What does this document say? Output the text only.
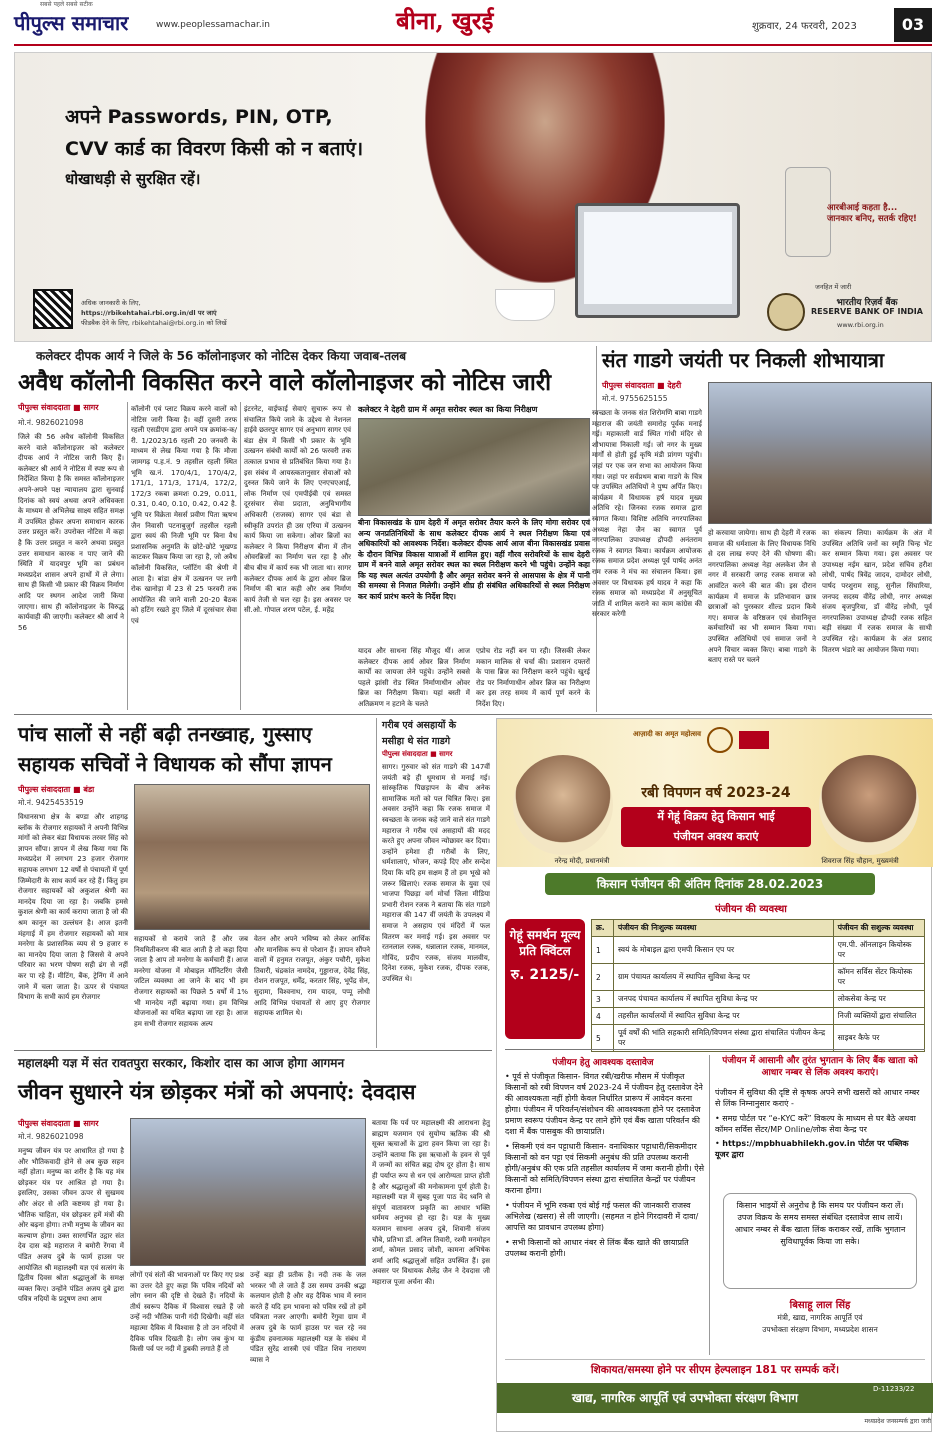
सबसे पहले सबसे सटीक
पीपुल्स समाचार	www.peoplessamachar.in	बीना, खुरई	शुक्रवार, 24 फरवरी, 2023	03
अपने Passwords, PIN, OTP,
CVV कार्ड का विवरण किसी को न बताएं।
धोखाधड़ी से सुरक्षित रहें।
आरबीआई कहता है... जानकार बनिए, सतर्क रहिए!
अधिक जानकारी के लिए,
https://rbikehtahai.rbi.org.in/dl पर जाएं
फीडबैक देने के लिए, rbikehtahai@rbi.org.in को लिखें
जनहित में जारी
भारतीय रिज़र्व बैंक
RESERVE BANK OF INDIA
www.rbi.org.in
कलेक्टर दीपक आर्य ने जिले के 56 कॉलोनाइजर को नोटिस देकर किया जवाब-तलब
अवैध कॉलोनी विकसित करने वाले कॉलोनाइजर को नोटिस जारी
पीपुल्स संवाददाता ■ सागर
मो.नं. 9826021098
जिले की 56 अवैध कॉलोनी विकसित करने वाले कॉलोनाइजर को कलेक्टर दीपक आर्य ने नोटिस जारी किए हैं। कलेक्टर श्री आर्य ने नोटिस में स्पष्ट रूप से निर्देशित किया है कि समस्त कॉलोनाइजर अपने-अपने पक्ष न्यायालय द्वारा सुनवाई दिनांक को स्वयं अथवा अपने अधिवक्ता के माध्यम से अभिलेख साक्ष्य सहित समक्ष में उपस्थित होकर अपना समाधान कारक उत्तर प्रस्तुत करें। उपरोक्त नोटिस में कहा है कि उत्तर प्रस्तुत न करने अथवा प्रस्तुत उत्तर समाधान कारक न पाए जाने की स्थिति में यादवपुर भूमि का प्रबंधन मध्यप्रदेश शासन अपने हाथों में ले लेगा। साथ ही किसी भी प्रकार की विक्रय निर्माण आदि पर स्थगन आदेश जारी किया जाएगा। साथ ही कॉलोनाइजर के विरुद्ध कार्यवाही की जाएगी। कलेक्टर श्री आर्य ने 56
कॉलोनी एवं प्लाट विक्रय करने वालों को नोटिस जारी किया है। वहीं दूसरी तरफ रहली एसडीएम द्वारा अपने पत्र क्रमांक-क/ री. 1/2023/16 रहली 20 जनवरी के माध्यम से लेख किया गया है कि मौजा जामगढ़ प.ह.नं. 9 तहसील रहली स्थित भूमि ख.नं. 170/4/1, 170/4/2, 171/1, 171/3, 171/4, 172/2, 172/3 रकबा क्रमशः 0.29, 0.011, 0.31, 0.40, 0.10, 0.42, 0.42 है. भूमि पर विक्रेता मेसर्स प्रवीण पिता ऋषभ जैन निवासी पटनाबुजुर्ग तहसील रहली द्वारा स्वयं की निजी भूमि पर बिना वैध प्रशासनिक अनुमति के छोटे-छोटे भूखण्ड काटकर विक्रय किया जा रहा है, जो अवैध कॉलोनी विकसित, प्लॉटिंग की श्रेणी में आता है। बांडा क्षेत्र में उत्खनन पर लगी रोक खानोड़ा में 23 से 25 फरवरी तक आयोजित की जाने वाली 20-20 बैठक को हटिंग रखते हुए जिले में दूरसंचार सेवा एवं
इंटरनेट, वाईफाई सेवाएं सुचारू रूप से संचालित किये जाने के उद्देश्य से नेशनल हाईवे छतरपुर सागर एवं अनुभाग सागर एवं बंडा क्षेत्र में किसी भी प्रकार के भूमि उत्खनन संबंधी कार्यों को 26 फरवरी तक तत्काल प्रभाव से प्रतिबंधित किया गया है। इस संबंध में आयस्त्कतानुसार सेवाओं को दुरुस्त किये जाने के लिए एनएचएआई, लोक निर्माण एवं एमपीईबी एवं समस्त दूरसंचार सेवा प्रदाता, अनुविभागीय अधिकारी (राजस्व) सागर एवं बंडा से स्वीकृति उपरांत ही उस एरिया में उत्खनन कार्य किया जा सकेगा। ओवर ब्रिजों का कलेक्टर ने किया निरीक्षण बीना में तीन ओवरब्रिजों का निर्माण चल रहा है और बीच बीच में कार्य रुक भी जाता था। सागर कलेक्टर दीपक आर्य के द्वारा ओवर ब्रिज निर्माण की बात कही और अब निर्माण कार्य तेजी से चल रहा है। इस अवसर पर सी.ओ. गोपाल शरण पटेल, ई. महेंद्र
कलेक्टर ने देहरी ग्राम में अमृत सरोवर स्थल का किया निरीक्षण
बीना विकासखंड के ग्राम देहरी में अमृत सरोवर तैयार करने के लिए मोगा सरोवर एवं अन्य जनप्रतिनिधियों के साथ कलेक्टर दीपक आर्य ने स्थल निरीक्षण किया एवं अधिकारियों को आवश्यक निर्देश। कलेक्टर दीपक आर्य आज बीना विकासखंड प्रवास के दौरान विभिन्न विकास यात्राओं में शामिल हुए। वहीं गौरव सरोवरियों के साथ देहरी ग्राम में बनने वाले अमृत सरोवर स्थल का स्थल निरीक्षण करने भी पहुंचे। उन्होंने कहा कि यह स्थल अत्यंत उपयोगी है और अमृत सरोवर बनने से आसपास के क्षेत्र में पानी की समस्या से निजात मिलेगी। उन्होंने शीघ्र ही संबंधित अधिकारियों से स्थल निरीक्षण कर कार्य प्रारंभ करने के निर्देश दिए।
यादव और साधना सिंह मौजूद थीं। आज कलेक्टर दीपक आर्य ओवर ब्रिज निर्माण कार्यों का जायजा लेने पहुंचे। उन्होंने सबसे पहले झांसी रोड स्थित निर्माणाधीन ओवर ब्रिज का निरीक्षण किया। यहां बस्ती में अतिक्रमण न हटाने के चलते
एप्रोच रोड नहीं बन पा रही। जिसकी लेकर मकान मालिक से चर्चा की। प्रशासन दफ्तरों के पास ब्रिज का निरीक्षण करने पहुंचे। खुरई रोड पर निर्माणाधीन ओवर ब्रिज का निरीक्षण कर इस तरह समय में कार्य पूर्ण करने के निर्देश दिए।
संत गाडगे जयंती पर निकली शोभायात्रा
पीपुल्स संवाददाता ■ देहरी
मो.नं. 9755625155
स्वच्छता के जनक संत शिरोमणि बाबा गाडगे महाराज की जयंती समारोह पूर्वक मनाई गई। महाकाली वार्ड स्थित गांधी मंदिर से शोभायात्रा निकाली गई। जो नगर के मुख्य मार्गों से होती हुई कृषि मंडी प्रांगण पहुंची। जहां पर एक जन सभा का आयोजन किया गया। जहां पर सर्वप्रथम बाबा गाडगे के चित्र पर उपस्थित अतिथियों ने पुष्प अर्पित किए। कार्यक्रम में विधायक हर्ष यादव मुख्य अतिथि रहे। जिनका रजक समाज द्वारा स्वागत किया। विशिष्ट अतिथि नगरपालिका अध्यक्ष नेहा जैन का स्वागत पूर्व नगरपालिका उपाध्यक्ष द्रौपदी अनंतराम रजक ने स्वागत किया। कार्यक्रम आयोजक रजक समाज प्रदेश अध्यक्ष पूर्व पार्षद अनंत राम रजक ने मंच का संचालन किया। इस अवसर पर विधायक हर्ष यादव ने कहा कि रजक समाज को मध्यप्रदेश में अनुसूचित जाति में शामिल कराने का काम कांग्रेस की सरकार करेगी
हो करवाया जायेगा। साथ ही देहरी में रजक समाज की धर्मशाला के लिए विधायक निधि से दस लाख रुपए देने की घोषणा की। नगरपालिका अध्यक्ष नेहा अलकेश जैन से नगर में सरकारी जगह रजक समाज को आवंटित करने की बात की। इस दौरान कार्यक्रम में समाज के प्रतिभावान छात्र छात्राओं को पुरस्कार शील्ड प्रदान किये गए। समाज के वरिष्ठजन एवं सेवानिवृत्त कर्मचारियों का भी सम्मान किया गया। उपस्थित अतिथियों एवं समाज जनों ने अपने विचार व्यक्त किए। बाबा गाडगे के बताए रास्ते पर चलने
का संकल्प लिया। कार्यक्रम के अंत में उपस्थित अतिथि जनों का स्मृति चिन्ह भेंट कर सम्मान किया गया। इस अवसर पर उपाध्यक्ष नईम खान, प्रदेश सचिव हरीश लोधी, पार्षद त्रिवेंद्र जादव, दामोदर लोधी, पार्षद परशुराम साहू, सुनील सिंघारिया, जनपद सदस्य वीरेंद्र लोधी, नगर अध्यक्ष संजय बृजपुरिया, डॉ वीरेंद्र लोधी, पूर्व नगरपालिका उपाध्यक्ष द्रौपदी रजक सहित बड़ी संख्या में रजक समाज के साथी उपस्थित रहे। कार्यक्रम के अंत प्रसाद वितरण भंडारे का आयोजन किया गया।
पांच सालों से नहीं बढ़ी तनख्वाह, गुस्साए
सहायक सचिवों ने विधायक को सौंपा ज्ञापन
पीपुल्स संवाददाता ■ बंडा
मो.नं. 9425453519
विधानसभा क्षेत्र के बण्डा और शाहगढ़ ब्लॉक के रोजगार सहायकों ने अपनी विभिन्न मांगों को लेकर बंडा विधायक तरवर सिंह को ज्ञापन सौंपा। ज्ञापन में लेख किया गया कि मध्यप्रदेश में लगभग 23 हजार रोजगार सहायक लगभग 12 वर्षों से पंचायतों में पूर्ण जिम्मेदारी के साथ कार्य कर रहे हैं। किंतु हम रोजगार सहायकों को अकुशल श्रेणी का मानदेय दिया जा रहा है। जबकि हमसे कुशल श्रेणी का कार्य कराया जाता है जो की श्रम कानून का उल्लंघन है। आज इतनी मंहगाई में हम रोजगार सहायकों को मात्र मनरेगा के प्रशासनिक व्यय से 9 हजार रु का मानदेय दिया जाता है जिससे वे अपने परिवार का भरण पोषण सही ढंग से नहीं कर पा रहे हैं। मीटिंग, बैंक, ट्रेनिंग में आने जाने में चला जाता है। ऊपर से पंचायत विभाग के सभी कार्य हम रोजगार
सहायकों से कराये जाते हैं और जब नियमितीकरण की बात आती है तो कहा दिया जाता है आप तो मनरेगा के कर्मचारी हैं। आज मनरेगा योजना में मोबाइल मॉनिटरिंग जैसी जटिल व्यवस्था आ जाने के बाद भी हम रोजगार सहायकों का पिछले 5 वर्षों में 1% भी मानदेय नहीं बढ़ाया गया। हम विभिन्न योजनाओं का यथित बढ़ाया जा रहा है। आज हम सभी रोजगार सहायक अल्प
वेतन और अपने भविष्य को लेकर आर्थिक और मानसिक रूप से परेशान हैं। ज्ञापन सौंपने वालों में हनुमत राजपूत, अंकुर पचौरी, मुकेश तिवारी, चंद्रकांत नामदेव, गुड्डाराज, देवेंद्र सिंह, रोशन राजपूत, धर्मेंद्र, करतार सिंह, भूपेंद्र सेन, सुदामा, विश्वनाथ, राम यादव, पप्पू लोधी आदि विभिन्न पंचायतों से आए हुए रोजगार सहायक शामिल थे।
गरीब एवं असहायों के
मसीहा थे संत गाडगे
पीपुल्स संवाददाता ■ सागर
सागर। गुरुवार को संत गाडगे की 147वीं जयंती बड़े ही धूमधाम से मनाई गई। सांस्कृतिक पिछड़ापन के बीच अनेक सामाजिक मतों को पल चित्रित किए। इस अवसर उन्होंने कहा कि रजक समाज में स्वच्छता के जनक कहे जाने वाले संत गाडगे महाराज ने गरीब एवं असहायों की मदद करते हुए अपना जीवन न्योछावर कर दिया। उन्होंने हमेशा ही गरीबों के लिए, धर्मशालाएं, भोजन, कपड़े दिए और सन्देश दिया कि यदि हम सक्षम हैं तो हम भूखे को जरूर खिलाएं। रजक समाज के युवा एवं भाजपा पिछड़ा वर्ग मोर्चा जिला मीडिया प्रभारी रोशन रजक ने बताया कि संत गाडगे महाराज की 147 वीं जयंती के उपलक्ष्य में समाज ने असहाय एवं मंदिरों में फल वितरण कर मनाई गई। इस अवसर पर रतनलाल रजक, धन्नालाल रजक, मानमल, गोविंद, प्रदीप रजक, संजय मालवीय, दिनेश रजक, मुकेश रजक, दीपक रजक, उपस्थित थे।
महालक्ष्मी यज्ञ में संत रावतपुरा सरकार, किशोर दास का आज होगा आगमन
जीवन सुधारने यंत्र छोड़कर मंत्रों को अपनाएं: देवदास
पीपुल्स संवाददाता ■ सागर
मो.नं. 9826021098
मनुष्य जीवन यंत्र पर आधारित हो गया है और भौतिकवादी होने से अब कुछ सहन नहीं होता। मनुष्य का शरीर है कि यह मंत्र छोड़कर यंत्र पर आश्रित हो गया है। इसलिए, उसका जीवन ऊपर से सुखमय और अंदर से अति कष्टमय हो गया है। भौतिक चाहिता, यंत्र छोड़कर हमें मंत्रों की ओर बढ़ना होगा। तभी मनुष्य के जीवन का कल्याण होगा। उक्त सारगर्भित उद्गार संत देव दास बड़े महाराज ने बमोरी रेंगवा में पंडित अजय दुबे के फार्म हाउस पर आयोजित श्री महालक्ष्मी यज्ञ एवं सत्संग के द्वितीय दिवस श्रोता श्रद्धालुओं के समक्ष व्यक्त किए। उन्होंने पंडित अजय दुबे द्वारा पवित्र नदियों के प्रदूषण तथा आम
लोगों एवं संतों की भावनाओं पर किए गए प्रश्न का उत्तर देते हुए कहा कि पवित्र नदियों को लोग स्नान की दृष्टि से देखते हैं। नदियों के तीर्थ स्वरूप दैविक में विश्वास रखते हैं जो उन्हें नदी भौतिक पानी गंदी दिखेगी। वहीं संत महात्मा दैविक में विश्वास है तो उन नदियों में दैविक पवित्र दिखती है। लोग जब कुंभ या किसी पर्व पर नदी में डुबकी लगाते हैं तो
उन्हें बड़ा ही प्रतीक है। नदी तक के जल भरकर भी ले जाते हैं उस समय उनकी श्रद्धा कलयान होती है और वह दैविक भाव में स्नान करते हैं यदि हम भावना को पवित्र रखें तो हमें पवित्रता नजर आएगी। बमोरी रेंगुवा ग्राम में अजय दुबे के फार्म हाउस पर चल रहे नव कुंडीय हवनात्मक महालक्ष्मी यज्ञ के संबंध में पंडित सुरेंद्र शास्त्री एवं पंडित शिव नारायण व्यास ने
बताया कि पर्व पर महालक्ष्मी की आराधना हेतु ब्राह्मण यजमान एवं सुयोग्य ऋतिक की श्री सूक्त ऋचाओं के द्वारा हवन किया जा रहा है। उन्होंने बताया कि इस ऋचाओं के हवन से पूर्व में जन्मों का संचित ब्रह्म दोष दूर होता है। साथ ही पर्याप्त रूप से धन एवं आरोग्यता प्राप्त होती है और श्रद्धालुओं की मनोकामना पूर्ण होती है। महालक्ष्मी यज्ञ में सुबह पूजा पाठ वेद ध्वनि से संपूर्ण वातावरण प्रकृति का आधार भक्ति धर्ममय अनुभव हो रहा है। यज्ञ के मुख्य यजमान साधना अजय दुबे, शिवानी संजय चौबे, प्रतिभा डॉ. अनिल तिवारी, रश्मी मनमोहन शर्मा, कोमल प्रसाद जोशी, कामना अभिषेक शर्मा आदि श्रद्धालुओं सहित उपस्थित हैं। इस अवसर पर विधायक शैलेंद्र जैन ने देवदास जी महाराज पूजा अर्चना की।
आज़ादी का अमृत महोत्सव
रबी विपणन वर्ष 2023-24
में गेहूं विक्रय हेतु किसान भाई
पंजीयन अवश्य कराएं
नरेन्द्र मोदी, प्रधानमंत्री	शिवराज सिंह चौहान, मुख्यमंत्री
किसान पंजीयन की अंतिम दिनांक 28.02.2023
पंजीयन की व्यवस्था
गेहूं समर्थन मूल्य प्रति क्विंटल
रु. 2125/-
क्र.	पंजीयन की निःशुल्क व्यवस्था	पंजीयन की सशुल्क व्यवस्था
1	स्वयं के मोबाइल द्वारा एमपी किसान एप पर	एम.पी. ऑनलाइन कियोस्क पर
2	ग्राम पंचायत कार्यालय में स्थापित सुविधा केन्द्र पर	कॉमन सर्विस सेंटर कियोस्क पर
3	जनपद पंचायत कार्यालय में स्थापित सुविधा केन्द्र पर	लोकसेवा केन्द्र पर
4	तहसील कार्यालयों में स्थापित सुविधा केन्द्र पर	निजी व्यक्तियों द्वारा संचालित
5	पूर्व वर्षों की भांति सहकारी समिति/विपणन संस्था द्वारा संचालित पंजीयन केन्द्र पर	साइबर कैफे पर
पंजीयन हेतु आवश्यक दस्तावेज
• पूर्व से पंजीकृत किसान- विगत रबी/खरीफ मौसम में पंजीकृत किसानों को रबी विपणन वर्ष 2023-24 में पंजीयन हेतु दस्तावेज देने की आवश्यकता नहीं होगी केवल निर्धारित प्रारूप में आवेदन करना होगा। पंजीयन में परिवर्तन/संशोधन की आवश्यकता होने पर दस्तावेज प्रमाण स्वरूप पंजीयन केन्द्र पर लाने होंगे एवं बैंक खाता परिवर्तन की दशा में बैंक पासबुक की छायाप्रति।
• सिकमी एवं वन पट्टाधारी किसान- वनाधिकार पट्टाधारी/सिकमीदार किसानों को वन पट्टा एवं सिकमी अनुबंध की प्रति उपलब्ध करानी होगी/अनुबंध की एक प्रति तहसील कार्यालय में जमा करानी होगी। ऐसे किसानों को समिति/विपणन संस्था द्वारा संचालित केन्द्रों पर पंजीयन कराना होगा।
• पंजीयन में भूमि रकबा एवं बोई गई फसल की जानकारी राजस्व अभिलेख (खसरा) से ली जाएगी। (सहमत न होने गिरदावरी में दावा/आपत्ति का प्रावधान उपलब्ध होगा)
• सभी किसानों को आधार नंबर से लिंक बैंक खाते की छायाप्रति उपलब्ध करानी होगी।
पंजीयन में आसानी और तुरंत भुगतान के लिए बैंक खाता को आधार नम्बर से लिंक अवश्य कराएं।
पंजीयन में सुविधा की दृष्टि से कृषक अपने सभी खसरों को आधार नम्बर से लिंक निम्नानुसार कराएं -
• समग्र पोर्टल पर “e-KYC करें” विकल्प के माध्यम से घर बैठे अथवा कॉमन सर्विस सेंटर/MP Online/लोक सेवा केन्द्र पर
• https://mpbhuabhilekh.gov.in पोर्टल पर पब्लिक यूजर द्वारा
किसान भाइयों से अनुरोध है कि समय पर पंजीयन करा लें। उपज विक्रय के समय समस्त संबंधित दस्तावेज साथ लायें। आधार नम्बर से बैंक खाता लिंक कराकर रखें, ताकि भुगतान सुविधापूर्वक किया जा सके।
बिसाहू लाल सिंह
मंत्री, खाद्य, नागरिक आपूर्ति एवं
उपभोक्ता संरक्षण विभाग, मध्यप्रदेश शासन
शिकायत/समस्या होने पर सीएम हेल्पलाइन 181 पर सम्पर्क करें।
खाद्य, नागरिक आपूर्ति एवं उपभोक्ता संरक्षण विभाग
D-11233/22
मध्यप्रदेश जनसम्पर्क द्वारा जारी
